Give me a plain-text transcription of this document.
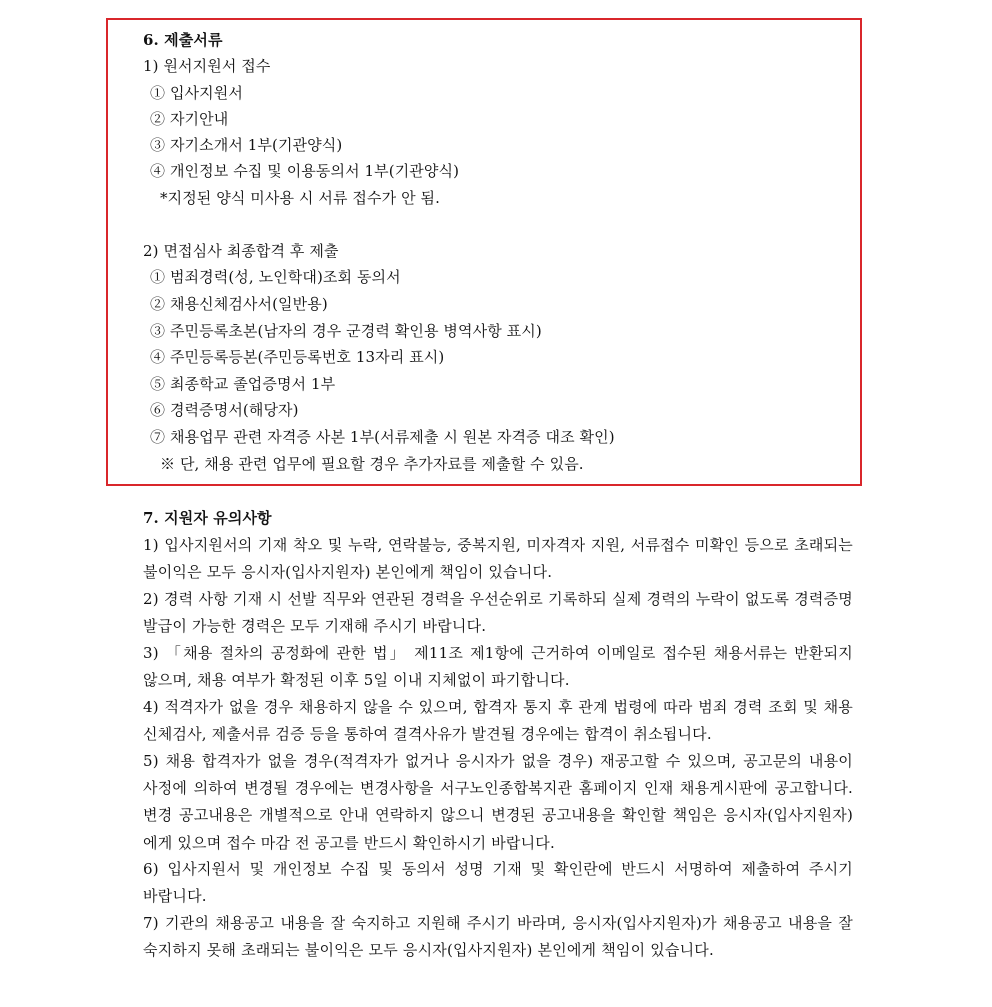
6. 제출서류
1) 원서지원서 접수
① 입사지원서
② 자기안내
③ 자기소개서 1부(기관양식)
④ 개인정보 수집 및 이용동의서 1부(기관양식)
*지정된 양식 미사용 시 서류 접수가 안 됨.
2) 면접심사 최종합격 후 제출
① 범죄경력(성, 노인학대)조회 동의서
② 채용신체검사서(일반용)
③ 주민등록초본(남자의 경우 군경력 확인용 병역사항 표시)
④ 주민등록등본(주민등록번호 13자리 표시)
⑤ 최종학교 졸업증명서 1부
⑥ 경력증명서(해당자)
⑦ 채용업무 관련 자격증 사본 1부(서류제출 시 원본 자격증 대조 확인)
※ 단, 채용 관련 업무에 필요할 경우 추가자료를 제출할 수 있음.
7. 지원자 유의사항
1) 입사지원서의 기재 착오 및 누락, 연락불능, 중복지원, 미자격자 지원, 서류접수 미확인 등으로 초래되는 불이익은 모두 응시자(입사지원자) 본인에게 책임이 있습니다.
2) 경력 사항 기재 시 선발 직무와 연관된 경력을 우선순위로 기록하되 실제 경력의 누락이 없도록 경력증명 발급이 가능한 경력은 모두 기재해 주시기 바랍니다.
3) 「채용 절차의 공정화에 관한 법」 제11조 제1항에 근거하여 이메일로 접수된 채용서류는 반환되지 않으며, 채용 여부가 확정된 이후 5일 이내 지체없이 파기합니다.
4) 적격자가 없을 경우 채용하지 않을 수 있으며, 합격자 통지 후 관계 법령에 따라 범죄 경력 조회 및 채용 신체검사, 제출서류 검증 등을 통하여 결격사유가 발견될 경우에는 합격이 취소됩니다.
5) 채용 합격자가 없을 경우(적격자가 없거나 응시자가 없을 경우) 재공고할 수 있으며, 공고문의 내용이 사정에 의하여 변경될 경우에는 변경사항을 서구노인종합복지관 홈페이지 인재 채용게시판에 공고합니다. 변경 공고내용은 개별적으로 안내 연락하지 않으니 변경된 공고내용을 확인할 책임은 응시자(입사지원자)에게 있으며 접수 마감 전 공고를 반드시 확인하시기 바랍니다.
6) 입사지원서 및 개인정보 수집 및 동의서 성명 기재 및 확인란에 반드시 서명하여 제출하여 주시기 바랍니다.
7) 기관의 채용공고 내용을 잘 숙지하고 지원해 주시기 바라며, 응시자(입사지원자)가 채용공고 내용을 잘 숙지하지 못해 초래되는 불이익은 모두 응시자(입사지원자) 본인에게 책임이 있습니다.
